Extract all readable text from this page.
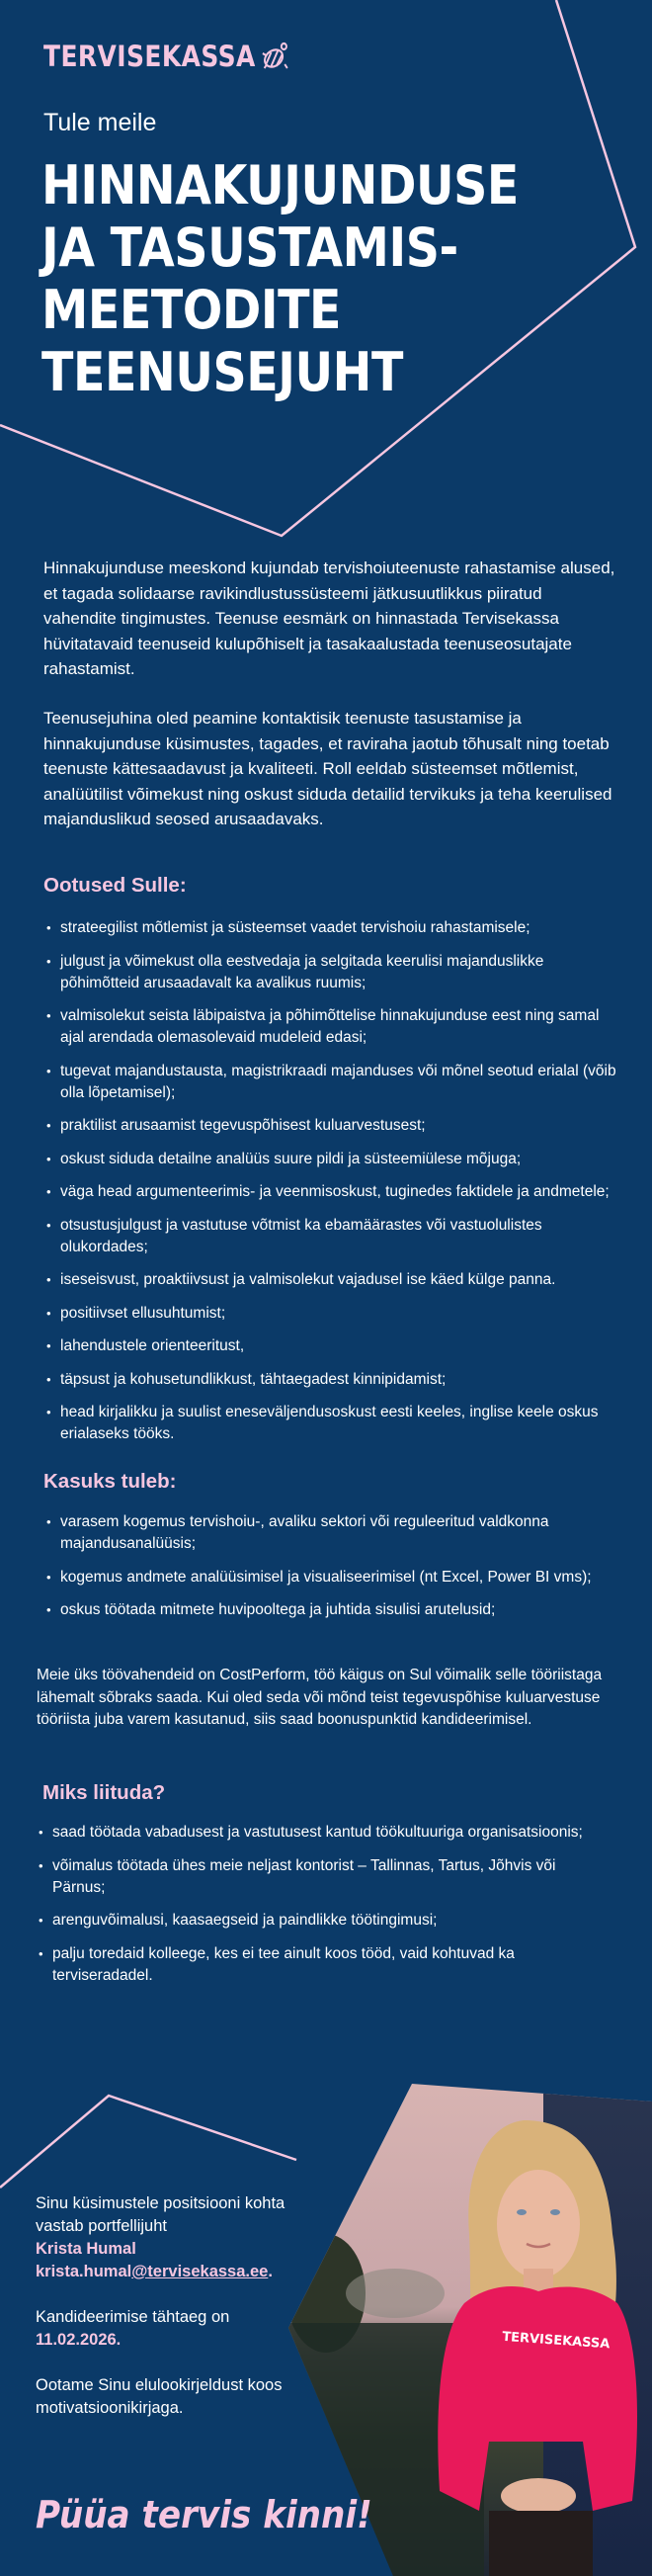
TERVISEKASSA
TERVISEKASSA
Tule meile
HINNAKUJUNDUSE
JA TASUSTAMIS-
MEETODITE
TEENUSEJUHT
Hinnakujunduse meeskond kujundab tervishoiuteenuste rahastamise alused, et tagada solidaarse ravikindlustussüsteemi jätkusuutlikkus piiratud vahendite tingimustes. Teenuse eesmärk on hinnastada Tervisekassa hüvitatavaid teenuseid kulupõhiselt ja tasakaalustada teenuseosutajate rahastamist.
Teenusejuhina oled peamine kontaktisik teenuste tasustamise ja hinnakujunduse küsimustes, tagades, et raviraha jaotub tõhusalt ning toetab teenuste kättesaadavust ja kvaliteeti. Roll eeldab süsteemset mõtlemist, analüütilist võimekust ning oskust siduda detailid tervikuks ja teha keerulised majanduslikud seosed arusaadavaks.
Ootused Sulle:
• strateegilist mõtlemist ja süsteemset vaadet tervishoiu rahastamisele;
• julgust ja võimekust olla eestvedaja ja selgitada keerulisi majanduslikke põhimõtteid arusaadavalt ka avalikus ruumis;
• valmisolekut seista läbipaistva ja põhimõttelise hinnakujunduse eest ning samal ajal arendada olemasolevaid mudeleid edasi;
• tugevat majandustausta, magistrikraadi majanduses või mõnel seotud erialal (võib olla lõpetamisel);
• praktilist arusaamist tegevuspõhisest kuluarvestusest;
• oskust siduda detailne analüüs suure pildi ja süsteemiülese mõjuga;
• väga head argumenteerimis- ja veenmisoskust, tuginedes faktidele ja andmetele;
• otsustusjulgust ja vastutuse võtmist ka ebamäärastes või vastuolulistes olukordades;
• iseseisvust, proaktiivsust ja valmisolekut vajadusel ise käed külge panna.
• positiivset ellusuhtumist;
• lahendustele orienteeritust,
• täpsust ja kohusetundlikkust, tähtaegadest kinnipidamist;
• head kirjalikku ja suulist eneseväljendusoskust eesti keeles, inglise keele oskus erialaseks tööks.
Kasuks tuleb:
• varasem kogemus tervishoiu-, avaliku sektori või reguleeritud valdkonna majandusanalüüsis;
• kogemus andmete analüüsimisel ja visualiseerimisel (nt Excel, Power BI vms);
• oskus töötada mitmete huvipooltega ja juhtida sisulisi arutelusid;
Meie üks töövahendeid on CostPerform, töö käigus on Sul võimalik selle tööriistaga lähemalt sõbraks saada. Kui oled seda või mõnd teist tegevuspõhise kuluarvestuse tööriista juba varem kasutanud, siis saad boonuspunktid kandideerimisel.
Miks liituda?
• saad töötada vabadusest ja vastutusest kantud töökultuuriga organisatsioonis;
• võimalus töötada ühes meie neljast kontorist – Tallinnas, Tartus, Jõhvis või Pärnus;
• arenguvõimalusi, kaasaegseid ja paindlikke töötingimusi;
• palju toredaid kolleege, kes ei tee ainult koos tööd, vaid kohtuvad ka terviseradadel.
Sinu küsimustele positsiooni kohta vastab portfellijuht
Krista Humal
krista.humal@tervisekassa.ee.
Kandideerimise tähtaeg on
11.02.2026.
Ootame Sinu elulookirjeldust koos motivatsioonikirjaga.
Püüa tervis kinni!
